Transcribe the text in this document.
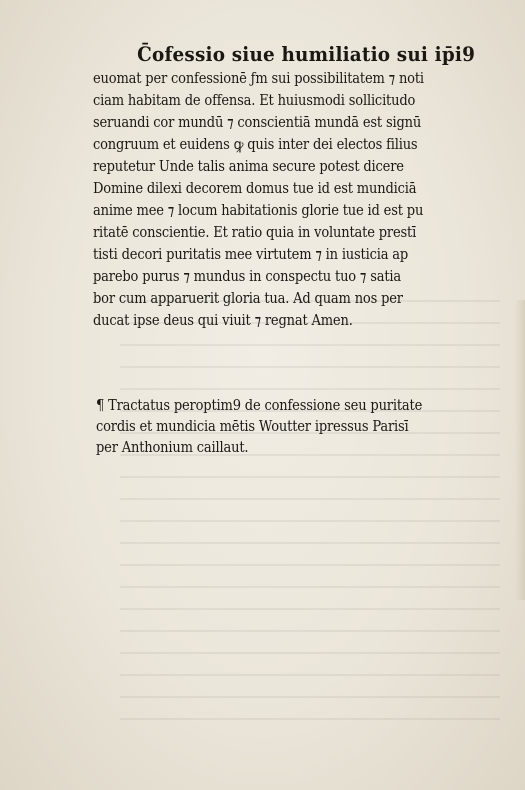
C̄ofessio siue humiliatio sui ip̄i9
euomat per confessionē ƒm sui possibilitatem ⁊ noti
ciam habitam de offensa. Et huiusmodi sollicitudo
seruandi cor mundū ⁊ conscientiā mundā est signū
congruum et euidens ꝙ quis inter dei electos filius
reputetur Unde talis anima secure potest dicere
Domine dilexi decorem domus tue id est mundiciā
anime mee ⁊ locum habitationis glorie tue id est pu
ritatē conscientie. Et ratio quia in voluntate prestī
tisti decori puritatis mee virtutem ⁊ in iusticia ap
parebo purus ⁊ mundus in conspectu tuo ⁊ satia
bor cum apparuerit gloria tua. Ad quam nos per
ducat ipse deus qui viuit ⁊ regnat Amen.
¶ Tractatus peroptim9 de confessione seu puritate
cordis et mundicia mētis Woutter ipressus Parisī
per Anthonium caillaut.
